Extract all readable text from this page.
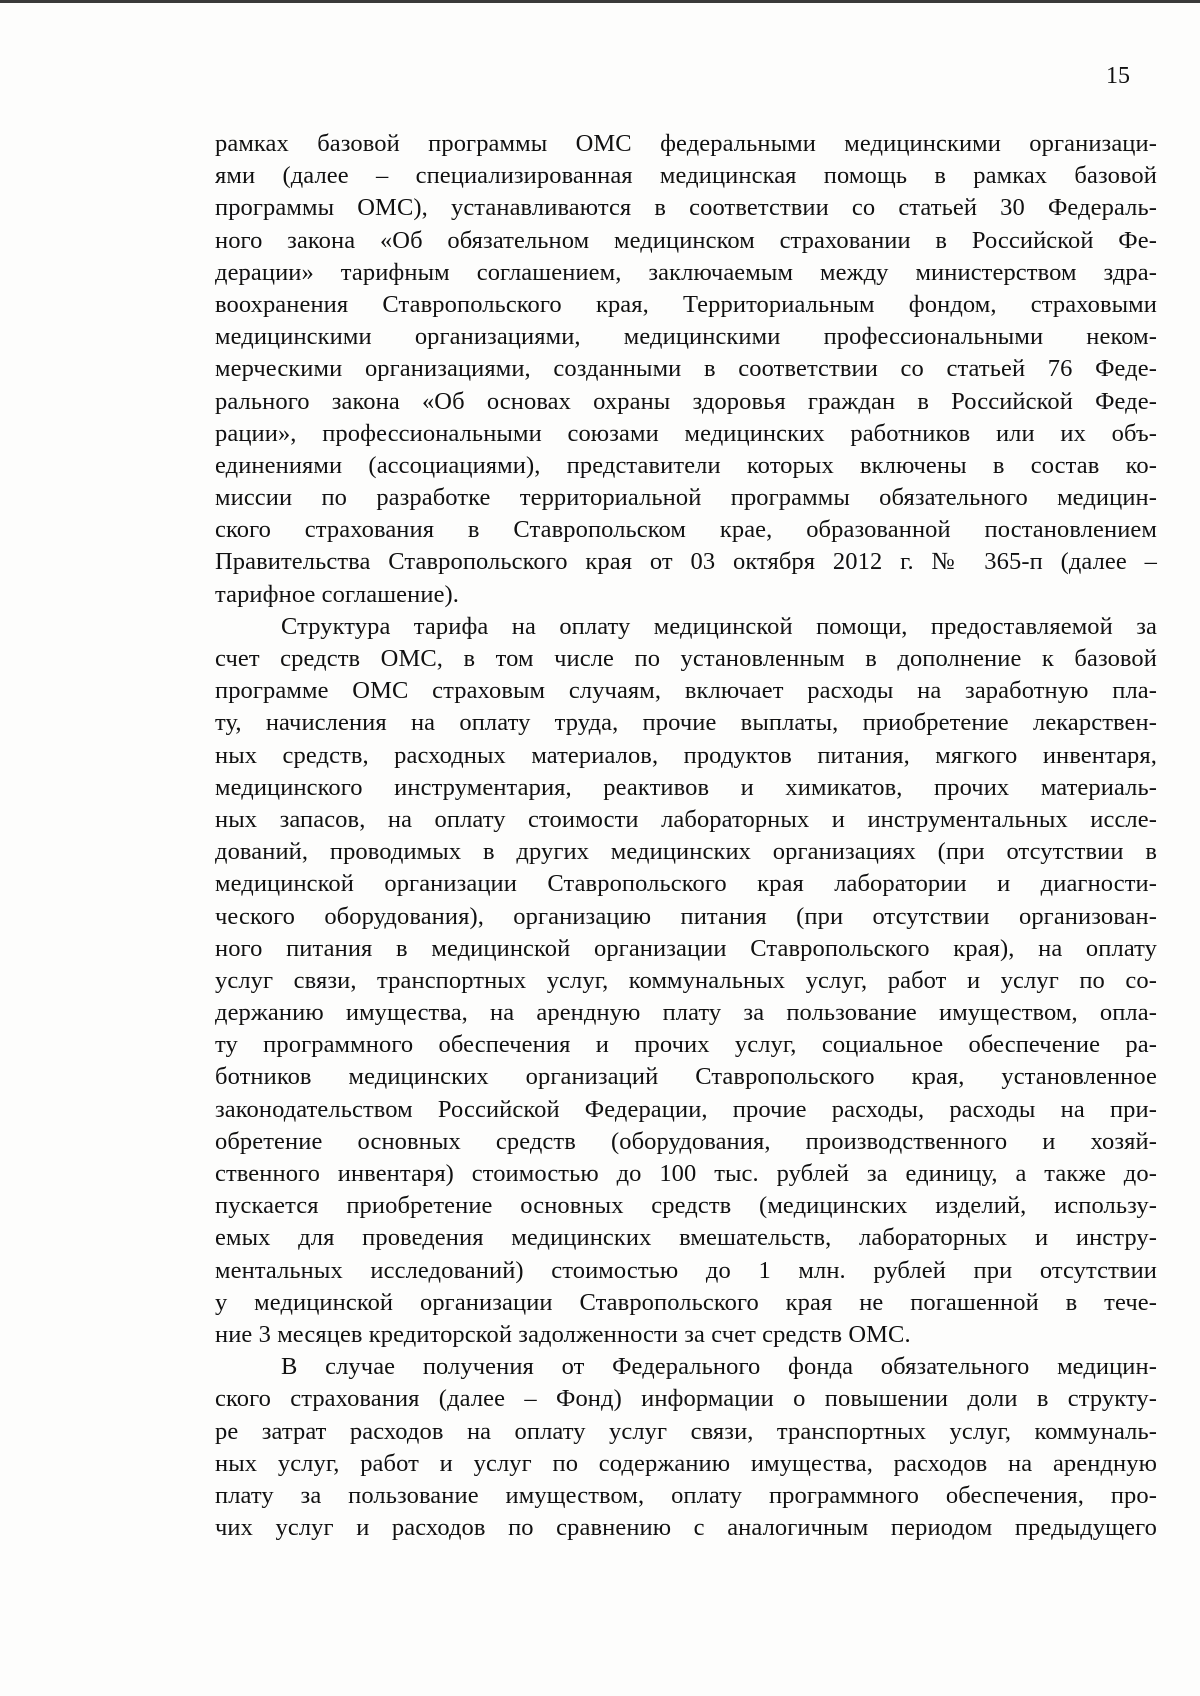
15
рамках базовой программы ОМС федеральными медицинскими организаци-
ями (далее – специализированная медицинская помощь в рамках базовой
программы ОМС), устанавливаются в соответствии со статьей 30 Федераль-
ного закона «Об обязательном медицинском страховании в Российской Фе-
дерации» тарифным соглашением, заключаемым между министерством здра-
воохранения Ставропольского края, Территориальным фондом, страховыми
медицинскими организациями, медицинскими профессиональными неком-
мерческими организациями, созданными в соответствии со статьей 76 Феде-
рального закона «Об основах охраны здоровья граждан в Российской Феде-
рации», профессиональными союзами медицинских работников или их объ-
единениями (ассоциациями), представители которых включены в состав ко-
миссии по разработке территориальной программы обязательного медицин-
ского страхования в Ставропольском крае, образованной постановлением
Правительства Ставропольского края от 03 октября 2012 г. № 365-п (далее –
тарифное соглашение).
Структура тарифа на оплату медицинской помощи, предоставляемой за
счет средств ОМС, в том числе по установленным в дополнение к базовой
программе ОМС страховым случаям, включает расходы на заработную пла-
ту, начисления на оплату труда, прочие выплаты, приобретение лекарствен-
ных средств, расходных материалов, продуктов питания, мягкого инвентаря,
медицинского инструментария, реактивов и химикатов, прочих материаль-
ных запасов, на оплату стоимости лабораторных и инструментальных иссле-
дований, проводимых в других медицинских организациях (при отсутствии в
медицинской организации Ставропольского края лаборатории и диагности-
ческого оборудования), организацию питания (при отсутствии организован-
ного питания в медицинской организации Ставропольского края), на оплату
услуг связи, транспортных услуг, коммунальных услуг, работ и услуг по со-
держанию имущества, на арендную плату за пользование имуществом, опла-
ту программного обеспечения и прочих услуг, социальное обеспечение ра-
ботников медицинских организаций Ставропольского края, установленное
законодательством Российской Федерации, прочие расходы, расходы на при-
обретение основных средств (оборудования, производственного и хозяй-
ственного инвентаря) стоимостью до 100 тыс. рублей за единицу, а также до-
пускается приобретение основных средств (медицинских изделий, использу-
емых для проведения медицинских вмешательств, лабораторных и инстру-
ментальных исследований) стоимостью до 1 млн. рублей при отсутствии
у медицинской организации Ставропольского края не погашенной в тече-
ние 3 месяцев кредиторской задолженности за счет средств ОМС.
В случае получения от Федерального фонда обязательного медицин-
ского страхования (далее – Фонд) информации о повышении доли в структу-
ре затрат расходов на оплату услуг связи, транспортных услуг, коммуналь-
ных услуг, работ и услуг по содержанию имущества, расходов на арендную
плату за пользование имуществом, оплату программного обеспечения, про-
чих услуг и расходов по сравнению с аналогичным периодом предыдущего
